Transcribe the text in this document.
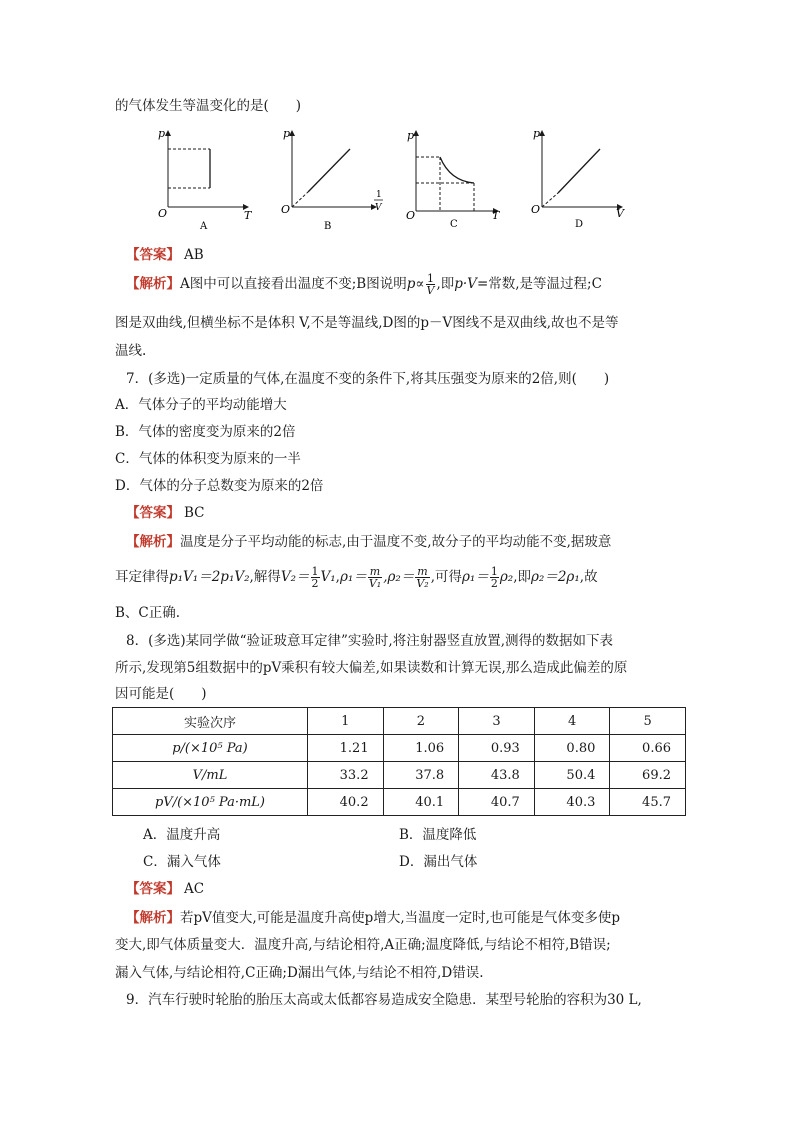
的气体发生等温变化的是(　　)
p
T
O
A
p
1
V
O
B
p
T
O
C
p
V
O
D
【答案】 AB
【解析】A图中可以直接看出温度不变;B图说明$p\propto \frac{1}{V}$ ,即p·V=常数,是等温过程;C
图是双曲线,但横坐标不是体积 V,不是等温线,D图的p－V图线不是双曲线,故也不是等
温线.
7．(多选)一定质量的气体,在温度不变的条件下,将其压强变为原来的2倍,则(　　)
A．气体分子的平均动能增大
B．气体的密度变为原来的2倍
C．气体的体积变为原来的一半
D．气体的分子总数变为原来的2倍
【答案】 BC
【解析】温度是分子平均动能的标志,由于温度不变,故分子的平均动能不变,据玻意
耳定律得p₁V₁＝2p₁V₂,解得$V_2= \frac{1}{2} V_1,\rho_1= \frac{m}{\text{V₁}} ,\rho_2= \frac{m}{\text{V₂}}$ ,可得$\rho_1= \frac{1}{2} \rho_2$,即ρ₂＝2ρ₁,故
B、C正确.
8．(多选)某同学做“验证玻意耳定律”实验时,将注射器竖直放置,测得的数据如下表
所示,发现第5组数据中的pV乘积有较大偏差,如果读数和计算无误,那么造成此偏差的原
因可能是(　　)
实验次序	1	2	3	4	5
p/(×10⁵ Pa)	1.21	1.06	0.93	0.80	0.66
V/mL	33.2	37.8	43.8	50.4	69.2
pV/(×10⁵ Pa·mL)	40.2	40.1	40.7	40.3	45.7
A．温度升高	B．温度降低
C．漏入气体	D．漏出气体
【答案】 AC
【解析】若pV值变大,可能是温度升高使p增大,当温度一定时,也可能是气体变多使p
变大,即气体质量变大．温度升高,与结论相符,A正确;温度降低,与结论不相符,B错误;
漏入气体,与结论相符,C正确;D漏出气体,与结论不相符,D错误.
9．汽车行驶时轮胎的胎压太高或太低都容易造成安全隐患．某型号轮胎的容积为30 L,
